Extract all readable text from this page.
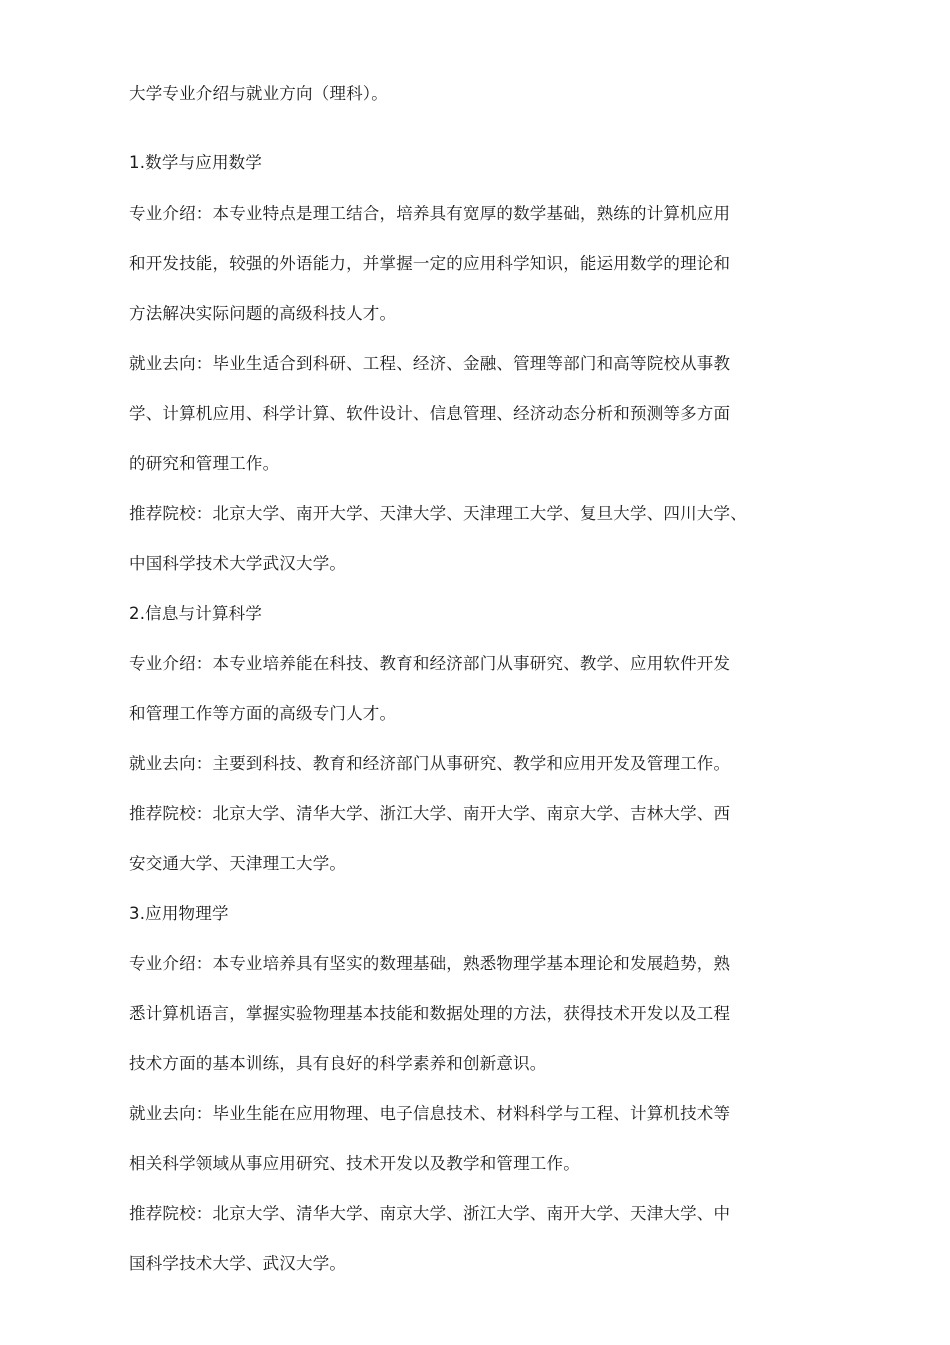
大学专业介绍与就业方向（理科）。
1.数学与应用数学
专业介绍：本专业特点是理工结合，培养具有宽厚的数学基础，熟练的计算机应用
和开发技能，较强的外语能力，并掌握一定的应用科学知识，能运用数学的理论和
方法解决实际问题的高级科技人才。
就业去向：毕业生适合到科研、工程、经济、金融、管理等部门和高等院校从事教
学、计算机应用、科学计算、软件设计、信息管理、经济动态分析和预测等多方面
的研究和管理工作。
推荐院校：北京大学、南开大学、天津大学、天津理工大学、复旦大学、四川大学、
中国科学技术大学武汉大学。
2.信息与计算科学
专业介绍：本专业培养能在科技、教育和经济部门从事研究、教学、应用软件开发
和管理工作等方面的高级专门人才。
就业去向：主要到科技、教育和经济部门从事研究、教学和应用开发及管理工作。
推荐院校：北京大学、清华大学、浙江大学、南开大学、南京大学、吉林大学、西
安交通大学、天津理工大学。
3.应用物理学
专业介绍：本专业培养具有坚实的数理基础，熟悉物理学基本理论和发展趋势，熟
悉计算机语言，掌握实验物理基本技能和数据处理的方法，获得技术开发以及工程
技术方面的基本训练，具有良好的科学素养和创新意识。
就业去向：毕业生能在应用物理、电子信息技术、材料科学与工程、计算机技术等
相关科学领域从事应用研究、技术开发以及教学和管理工作。
推荐院校：北京大学、清华大学、南京大学、浙江大学、南开大学、天津大学、中
国科学技术大学、武汉大学。
